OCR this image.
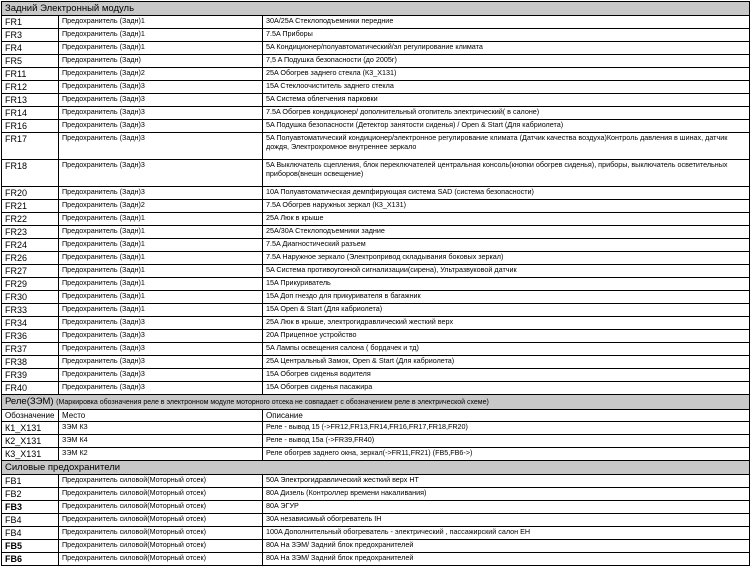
Задний Электронный модуль		
FR1	Предохранитель (Задн)1	30A/25A Стеклоподъемники передние
FR3	Предохранитель (Задн)1	7.5A Приборы
FR4	Предохранитель (Задн)1	5A Кондиционер/полуавтоматический/эл регулирование климата
FR5	Предохранитель (Задн)	7,5 A Подушка безопасности (до 2005г)
FR11	Предохранитель (Задн)2	25A Обогрев заднего стекла (К3_Х131)
FR12	Предохранитель (Задн)3	15A Стеклоочиститель заднего стекла
FR13	Предохранитель (Задн)3	5A Система облегчения парковки
FR14	Предохранитель (Задн)3	7.5A Обогрев кондиционер/ дополнительный отопитель электрический( в салоне)
FR16	Предохранитель (Задн)3	5A Подушка безопасности (Детектор занятости сиденья) / Open & Start (Для кабриолета)
FR17	Предохранитель (Задн)3	5A Полуавтоматический кондиционер/электронное регулирование климата (Датчик качества воздуха)Контроль давления в шинах, датчик дождя, Электрохромное внутреннее зеркало
FR18	Предохранитель (Задн)3	5A Выключатель сцепления, блок переключателей центральная консоль(кнопки обогрев сиденья), приборы, выключатель осветительных приборов(внешн освещение)
FR20	Предохранитель (Задн)3	10A Полуавтоматическая демпфирующая система SAD (система безопасности)
FR21	Предохранитель (Задн)2	7.5A Обогрев наружных зеркал (К3_Х131)
FR22	Предохранитель (Задн)1	25A Люк в крыше
FR23	Предохранитель (Задн)1	25A/30A Стеклоподъемники задние
FR24	Предохранитель (Задн)1	7.5A Диагностический разъем
FR26	Предохранитель (Задн)1	7.5A Наружное зеркало (Электропривод складывания боковых зеркал)
FR27	Предохранитель (Задн)1	5A Система противоугонной сигнализации(сирена), Ультразвуковой датчик
FR29	Предохранитель (Задн)1	15A Прикуриватель
FR30	Предохранитель (Задн)1	15A Доп гнездо для прикуривателя в багажник
FR33	Предохранитель (Задн)1	15A Open & Start (Для кабриолета)
FR34	Предохранитель (Задн)3	25A Люк в крыше, электрогидравлический жесткий верх
FR36	Предохранитель (Задн)3	20A Прицепное устройство
FR37	Предохранитель (Задн)3	5A Лампы освещения салона ( бордачек и тд)
FR38	Предохранитель (Задн)3	25A Центральный Замок, Open & Start (Для кабриолета)
FR39	Предохранитель (Задн)3	15A Обогрев сиденья водителя
FR40	Предохранитель (Задн)3	15A Обогрев сиденья пасажира
Реле(ЗЭМ) (Маркировка обозначения реле в электронном модуле моторного отсека не совпадает с обозначением реле в электрической схеме)		
Обозначение	Место	Описание
К1_Х131	ЗЭМ К3	Реле - вывод 15 (->FR12,FR13,FR14,FR16,FR17,FR18,FR20)
К2_Х131	ЗЭМ К4	Реле - вывод 15a (->FR39,FR40)
К3_Х131	ЗЭМ К2	Реле обогрев заднего окна, зеркал(->FR11,FR21) (FB5,FB6->)
Силовые предохранители		
FB1	Предохранитель силовой(Моторный отсек)	50A Электрогидравлический жесткий верх HT
FB2	Предохранитель силовой(Моторный отсек)	80A Дизель (Контроллер времени накаливания)
FB3	Предохранитель силовой(Моторный отсек)	80A ЭГУР
FB4	Предохранитель силовой(Моторный отсек)	30A независимый обогреватель IH
FB4	Предохранитель силовой(Моторный отсек)	100A Дополнительный обогреватель - электрический , пассажирский салон EH
FB5	Предохранитель силовой(Моторный отсек)	80A На ЗЭМ/ Задний блок предохранителей
FB6	Предохранитель силовой(Моторный отсек)	80A На ЗЭМ/ Задний блок предохранителей
